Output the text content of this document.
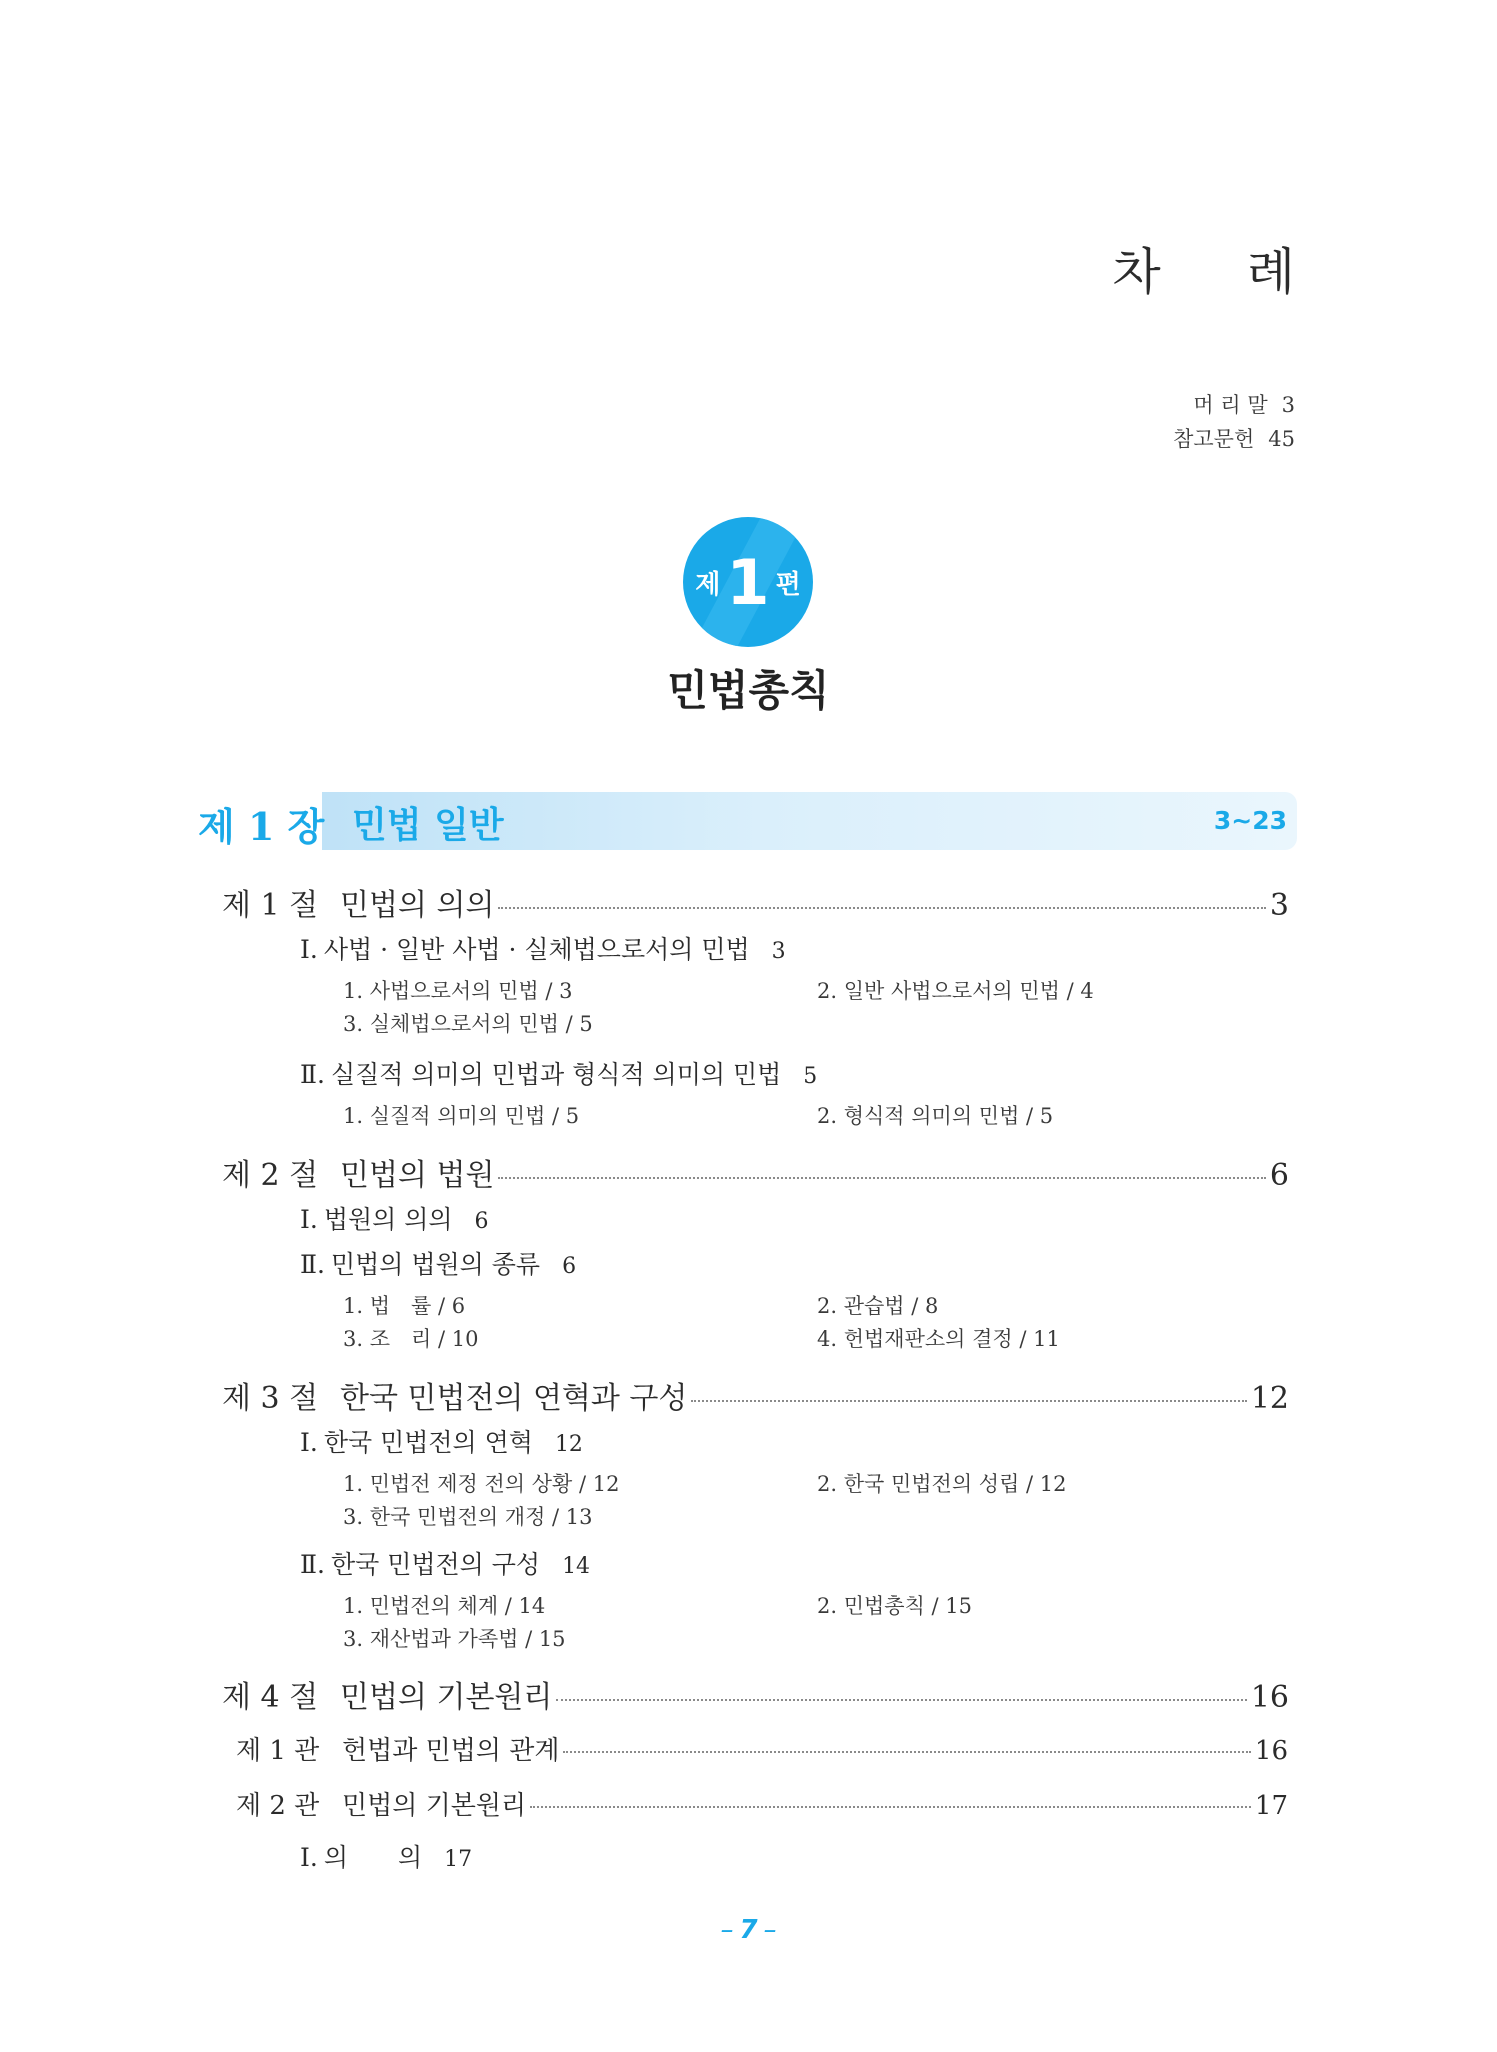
차 례
머 리 말 3
참고문헌 45
제 1 편
민법총칙
제 1 장 민법 일반	3~23
제 1 절 민법의 의의	3
Ⅰ. 사법 · 일반 사법 · 실체법으로서의 민법 3
1. 사법으로서의 민법 / 3	2. 일반 사법으로서의 민법 / 4
3. 실체법으로서의 민법 / 5
Ⅱ. 실질적 의미의 민법과 형식적 의미의 민법 5
1. 실질적 의미의 민법 / 5	2. 형식적 의미의 민법 / 5
제 2 절 민법의 법원	6
Ⅰ. 법원의 의의 6
Ⅱ. 민법의 법원의 종류 6
1. 법　률 / 6	2. 관습법 / 8
3. 조　리 / 10	4. 헌법재판소의 결정 / 11
제 3 절 한국 민법전의 연혁과 구성	12
Ⅰ. 한국 민법전의 연혁 12
1. 민법전 제정 전의 상황 / 12	2. 한국 민법전의 성립 / 12
3. 한국 민법전의 개정 / 13
Ⅱ. 한국 민법전의 구성 14
1. 민법전의 체계 / 14	2. 민법총칙 / 15
3. 재산법과 가족법 / 15
제 4 절 민법의 기본원리	16
제 1 관 헌법과 민법의 관계	16
제 2 관 민법의 기본원리	17
Ⅰ. 의　　의 17
– 7 –
